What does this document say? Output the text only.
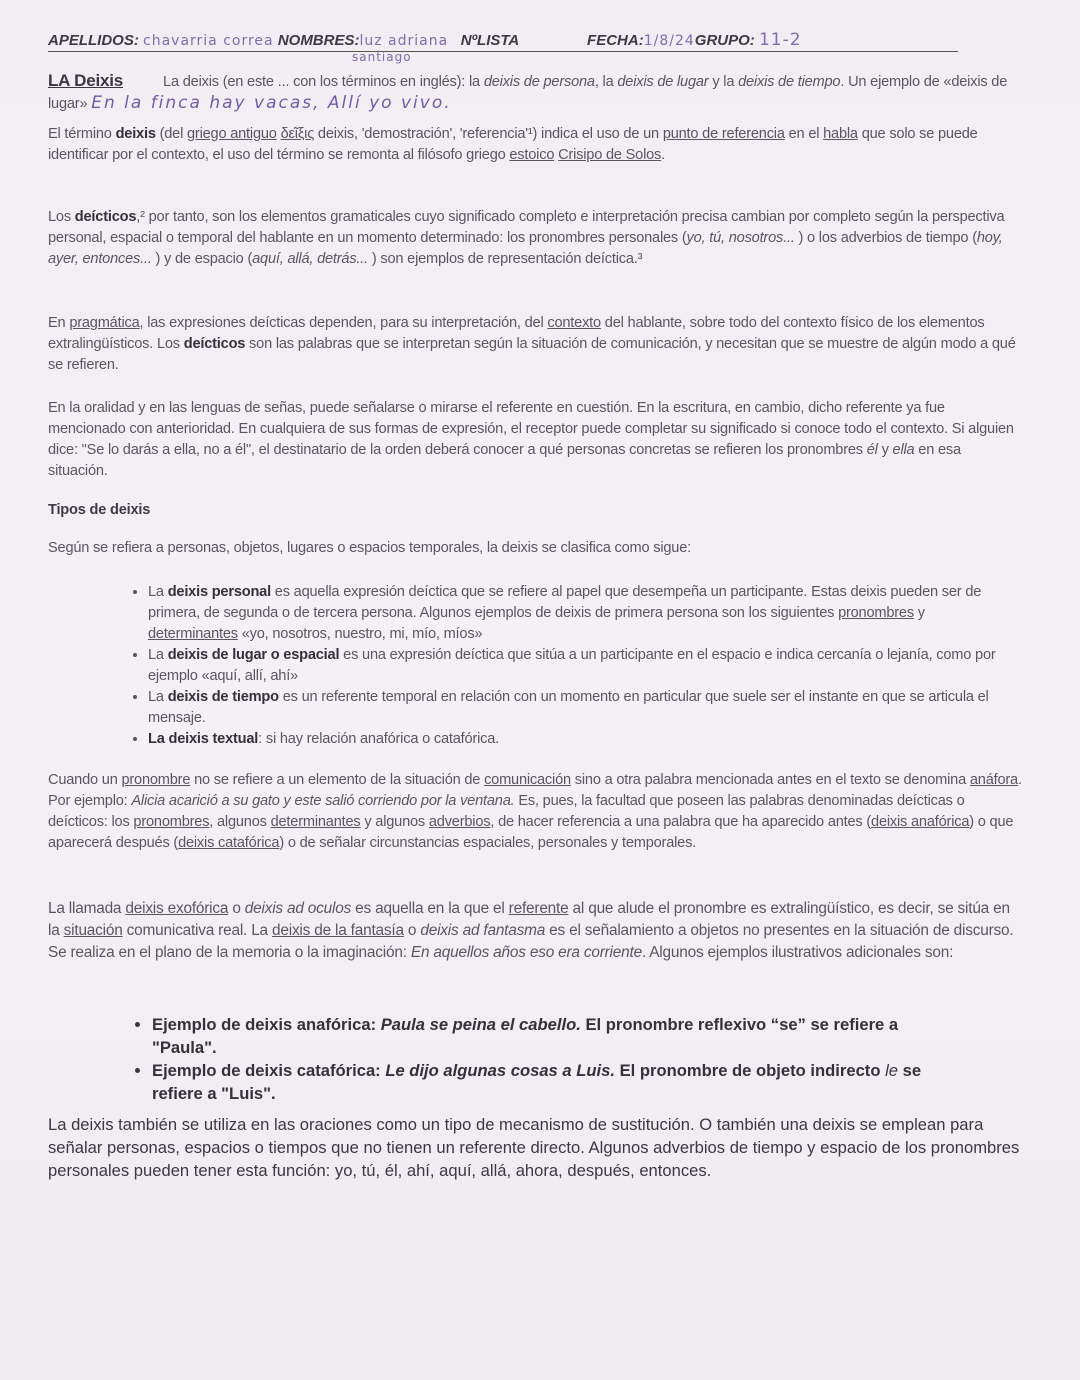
APELLIDOS: chavarria correa NOMBRES:luz adriana NºLISTA	FECHA:1/8/24GRUPO: 11-2
santiago
LA Deixis	La deixis (en este ... con los términos en inglés): la deixis de persona, la deixis de lugar y la deixis de tiempo. Un ejemplo de «deixis de lugar» En la finca hay vacas, Allí yo vivo.
El término deixis (del griego antiguo δεῖξις deixis, 'demostración', 'referencia'¹) indica el uso de un punto de referencia en el habla que solo se puede identificar por el contexto, el uso del término se remonta al filósofo griego estoico Crisipo de Solos.
Los deícticos,² por tanto, son los elementos gramaticales cuyo significado completo e interpretación precisa cambian por completo según la perspectiva personal, espacial o temporal del hablante en un momento determinado: los pronombres personales (yo, tú, nosotros... ) o los adverbios de tiempo (hoy, ayer, entonces... ) y de espacio (aquí, allá, detrás... ) son ejemplos de representación deíctica.³
En pragmática, las expresiones deícticas dependen, para su interpretación, del contexto del hablante, sobre todo del contexto físico de los elementos extralingüísticos. Los deícticos son las palabras que se interpretan según la situación de comunicación, y necesitan que se muestre de algún modo a qué se refieren.
En la oralidad y en las lenguas de señas, puede señalarse o mirarse el referente en cuestión. En la escritura, en cambio, dicho referente ya fue mencionado con anterioridad. En cualquiera de sus formas de expresión, el receptor puede completar su significado si conoce todo el contexto. Si alguien dice: "Se lo darás a ella, no a él", el destinatario de la orden deberá conocer a qué personas concretas se refieren los pronombres él y ella en esa situación.
Tipos de deixis
Según se refiera a personas, objetos, lugares o espacios temporales, la deixis se clasifica como sigue:
• La deixis personal es aquella expresión deíctica que se refiere al papel que desempeña un participante. Estas deixis pueden ser de primera, de segunda o de tercera persona. Algunos ejemplos de deixis de primera persona son los siguientes pronombres y determinantes «yo, nosotros, nuestro, mi, mío, míos»
• La deixis de lugar o espacial es una expresión deíctica que sitúa a un participante en el espacio e indica cercanía o lejanía, como por ejemplo «aquí, allí, ahí»
• La deixis de tiempo es un referente temporal en relación con un momento en particular que suele ser el instante en que se articula el mensaje.
• La deixis textual: si hay relación anafórica o catafórica.
Cuando un pronombre no se refiere a un elemento de la situación de comunicación sino a otra palabra mencionada antes en el texto se denomina anáfora. Por ejemplo: Alicia acarició a su gato y este salió corriendo por la ventana. Es, pues, la facultad que poseen las palabras denominadas deícticas o deícticos: los pronombres, algunos determinantes y algunos adverbios, de hacer referencia a una palabra que ha aparecido antes (deixis anafórica) o que aparecerá después (deixis catafórica) o de señalar circunstancias espaciales, personales y temporales.
La llamada deixis exofórica o deixis ad oculos es aquella en la que el referente al que alude el pronombre es extralingüístico, es decir, se sitúa en la situación comunicativa real. La deixis de la fantasía o deixis ad fantasma es el señalamiento a objetos no presentes en la situación de discurso. Se realiza en el plano de la memoria o la imaginación: En aquellos años eso era corriente. Algunos ejemplos ilustrativos adicionales son:
• Ejemplo de deixis anafórica: Paula se peina el cabello. El pronombre reflexivo “se” se refiere a "Paula".
• Ejemplo de deixis catafórica: Le dijo algunas cosas a Luis. El pronombre de objeto indirecto le se refiere a "Luis".
La deixis también se utiliza en las oraciones como un tipo de mecanismo de sustitución. O también una deixis se emplean para señalar personas, espacios o tiempos que no tienen un referente directo. Algunos adverbios de tiempo y espacio de los pronombres personales pueden tener esta función: yo, tú, él, ahí, aquí, allá, ahora, después, entonces.
